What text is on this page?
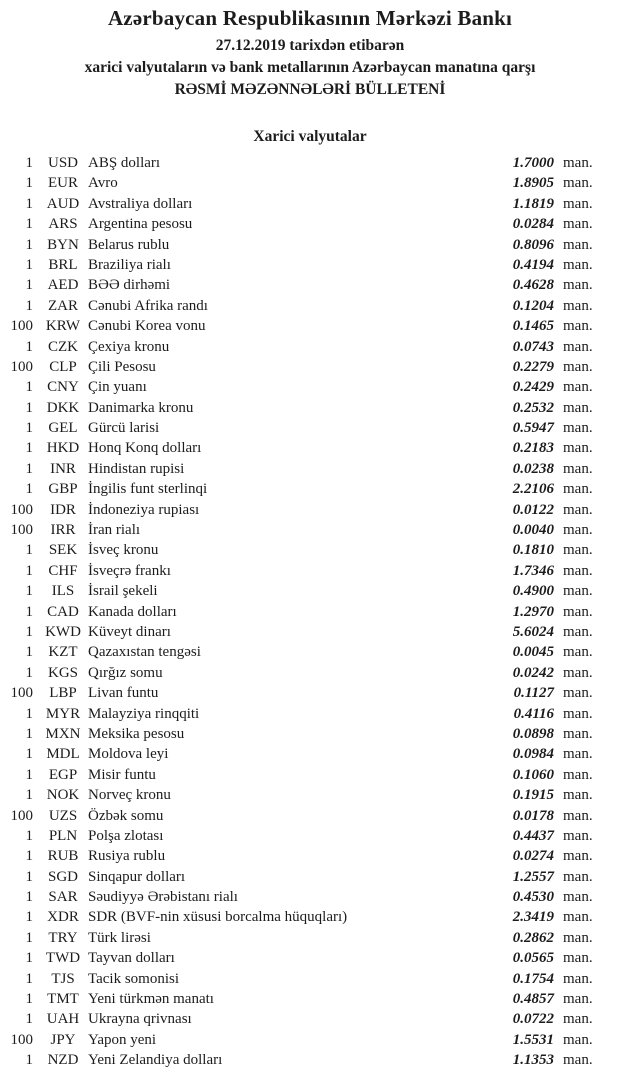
Azərbaycan Respublikasının Mərkəzi Bankı
27.12.2019 tarixdən etibarən
xarici valyutaların və bank metallarının Azərbaycan manatına qarşı
RƏSMİ MƏZƏNNƏLƏRİ BÜLLETENİ
Xarici valyutalar
1 USD ABŞ dolları	1.7000 man.
1	EUR Avro	1.8905 man.
1 AUD Avstraliya dolları	1.1819 man.
1	ARS Argentina pesosu	0.0284 man.
1 BYN Belarus rublu	0.8096 man.
1	BRL Braziliya rialı	0.4194 man.
1 AED BƏƏ dirhəmi	0.4628 man.
1	ZAR Cənubi Afrika randı	0.1204 man.
100 KRW Cənubi Korea vonu	0.1465 man.
1	CZK Çexiya kronu	0.0743 man.
100	CLP Çili Pesosu	0.2279 man.
1 CNY Çin yuanı	0.2429 man.
1 DKK Danimarka kronu	0.2532 man.
1	GEL Gürcü larisi	0.5947 man.
1 HKD Honq Konq dolları	0.2183 man.
1	INR Hindistan rupisi	0.0238 man.
1	GBP İngilis funt sterlinqi	2.2106 man.
100	IDR İndoneziya rupiası	0.0122 man.
100	IRR İran rialı	0.0040 man.
1	SEK İsveç kronu	0.1810 man.
1	CHF İsveçrə frankı	1.7346 man.
1	ILS İsrail şekeli	0.4900 man.
1 CAD Kanada dolları	1.2970 man.
1 KWD Küveyt dinarı	5.6024 man.
1	KZT Qazaxıstan tengəsi	0.0045 man.
1 KGS Qırğız somu	0.0242 man.
100	LBP Livan funtu	0.1127 man.
1 MYR Malayziya rinqqiti	0.4116 man.
1 MXN Meksika pesosu	0.0898 man.
1 MDL Moldova leyi	0.0984 man.
1	EGP Misir funtu	0.1060 man.
1 NOK Norveç kronu	0.1915 man.
100	UZS Özbək somu	0.0178 man.
1	PLN Polşa zlotası	0.4437 man.
1 RUB Rusiya rublu	0.0274 man.
1 SGD Sinqapur dolları	1.2557 man.
1	SAR Səudiyyə Ərəbistanı rialı	0.4530 man.
1 XDR SDR (BVF-nin xüsusi borcalma hüquqları)	2.3419 man.
1	TRY Türk lirəsi	0.2862 man.
1 TWD Tayvan dolları	0.0565 man.
1	TJS Tacik somonisi	0.1754 man.
1 TMT Yeni türkmən manatı	0.4857 man.
1 UAH Ukrayna qrivnası	0.0722 man.
100	JPY Yapon yeni	1.5531 man.
1 NZD Yeni Zelandiya dolları	1.1353 man.
